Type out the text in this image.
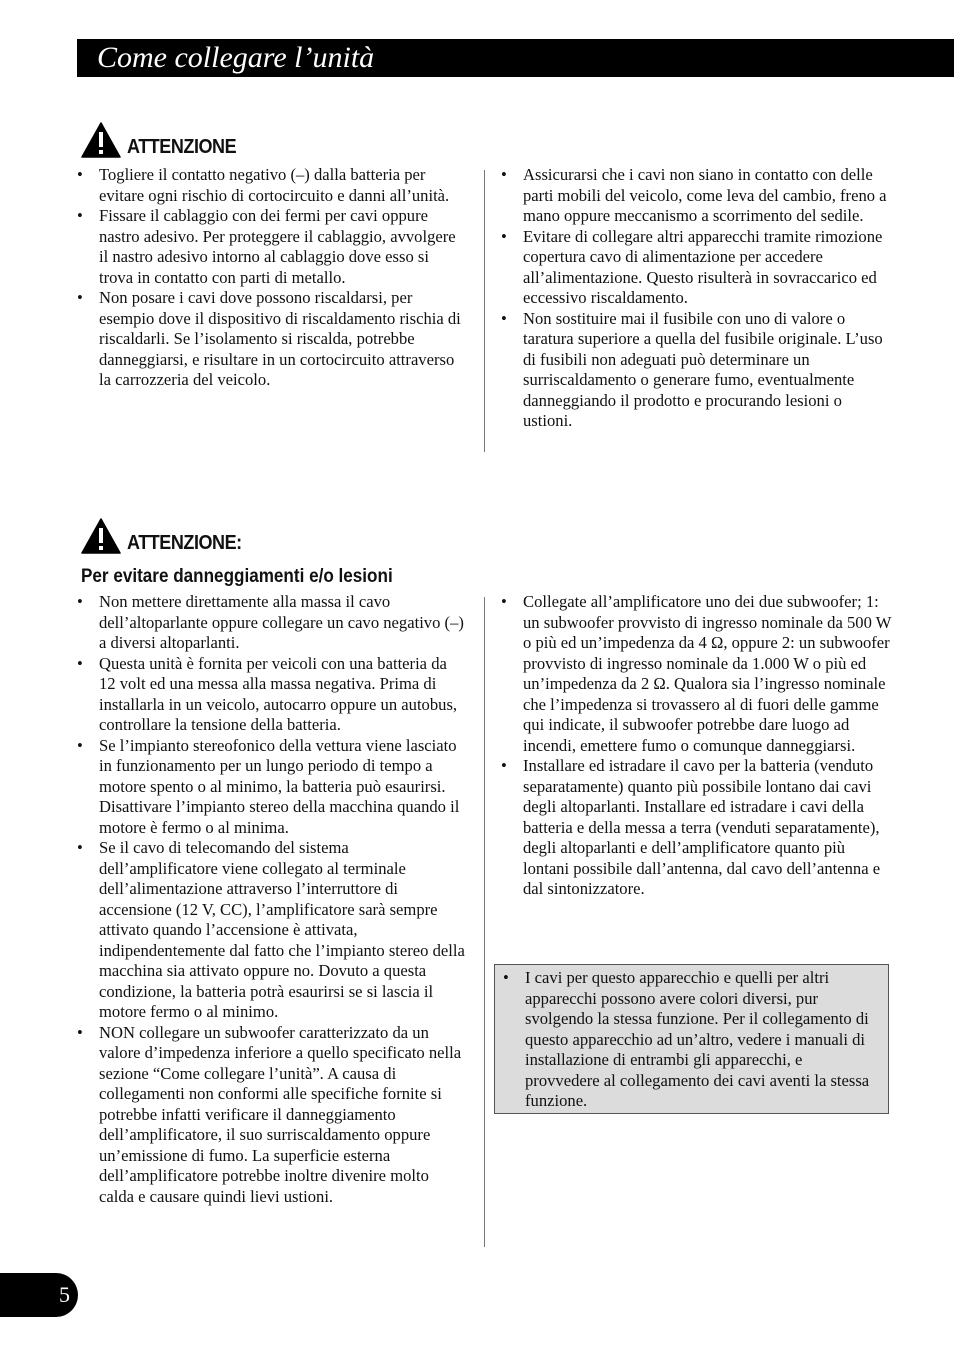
Come collegare l’unità
ATTENZIONE
• Togliere il contatto negativo (–) dalla batteria per evitare ogni rischio di cortocircuito e danni all’unità.
• Fissare il cablaggio con dei fermi per cavi oppure nastro adesivo. Per proteggere il cablaggio, avvolgere il nastro adesivo intorno al cablaggio dove esso si trova in contatto con parti di metallo.
• Non posare i cavi dove possono riscaldarsi, per esempio dove il dispositivo di riscaldamento rischia di riscaldarli. Se l’isolamento si riscalda, potrebbe danneggiarsi, e risultare in un cortocircuito attraverso la carrozzeria del veicolo.
• Assicurarsi che i cavi non siano in contatto con delle parti mobili del veicolo, come leva del cambio, freno a mano oppure meccanismo a scorrimento del sedile.
• Evitare di collegare altri apparecchi tramite rimozione copertura cavo di alimentazione per accedere all’alimentazione. Questo risulterà in sovraccarico ed eccessivo riscaldamento.
• Non sostituire mai il fusibile con uno di valore o taratura superiore a quella del fusibile originale. L’uso di fusibili non adeguati può determinare un surriscaldamento o generare fumo, eventualmente danneggiando il prodotto e procurando lesioni o ustioni.
ATTENZIONE:
Per evitare danneggiamenti e/o lesioni
• Non mettere direttamente alla massa il cavo dell’altoparlante oppure collegare un cavo negativo (–) a diversi altoparlanti.
• Questa unità è fornita per veicoli con una batteria da 12 volt ed una messa alla massa negativa. Prima di installarla in un veicolo, autocarro oppure un autobus, controllare la tensione della batteria.
• Se l’impianto stereofonico della vettura viene lasciato in funzionamento per un lungo periodo di tempo a motore spento o al minimo, la batteria può esaurirsi. Disattivare l’impianto stereo della macchina quando il motore è fermo o al minima.
• Se il cavo di telecomando del sistema dell’amplificatore viene collegato al terminale dell’alimentazione attraverso l’interruttore di accensione (12 V, CC), l’amplificatore sarà sempre attivato quando l’accensione è attivata, indipendentemente dal fatto che l’impianto stereo della macchina sia attivato oppure no. Dovuto a questa condizione, la batteria potrà esaurirsi se si lascia il motore fermo o al minimo.
• NON collegare un subwoofer caratterizzato da un valore d’impedenza inferiore a quello specificato nella sezione “Come collegare l’unità”. A causa di collegamenti non conformi alle specifiche fornite si potrebbe infatti verificare il danneggiamento dell’amplificatore, il suo surriscaldamento oppure un’emissione di fumo. La superficie esterna dell’amplificatore potrebbe inoltre divenire molto calda e causare quindi lievi ustioni.
• Collegate all’amplificatore uno dei due subwoofer; 1: un subwoofer provvisto di ingresso nominale da 500 W o più ed un’impedenza da 4 Ω, oppure 2: un subwoofer provvisto di ingresso nominale da 1.000 W o più ed un’impedenza da 2 Ω. Qualora sia l’ingresso nominale che l’impedenza si trovassero al di fuori delle gamme qui indicate, il subwoofer potrebbe dare luogo ad incendi, emettere fumo o comunque danneggiarsi.
• Installare ed istradare il cavo per la batteria (venduto separatamente) quanto più possibile lontano dai cavi degli altoparlanti. Installare ed istradare i cavi della batteria e della messa a terra (venduti separatamente), degli altoparlanti e dell’amplificatore quanto più lontani possibile dall’antenna, dal cavo dell’antenna e dal sintonizzatore.
• I cavi per questo apparecchio e quelli per altri apparecchi possono avere colori diversi, pur svolgendo la stessa funzione. Per il collegamento di questo apparecchio ad un’altro, vedere i manuali di installazione di entrambi gli apparecchi, e provvedere al collegamento dei cavi aventi la stessa funzione.
5
